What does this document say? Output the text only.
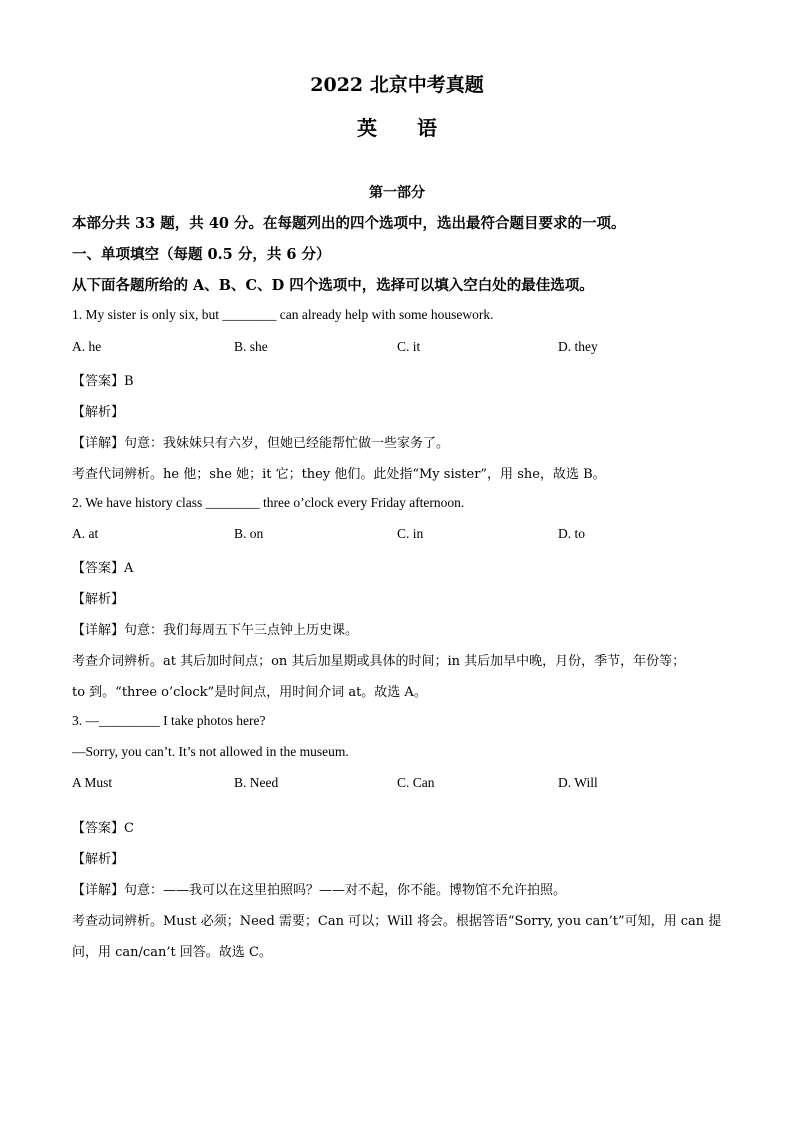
2022 北京中考真题
英　　语
第一部分
本部分共 33 题，共 40 分。在每题列出的四个选项中，选出最符合题目要求的一项。
一、单项填空（每题 0.5 分，共 6 分）
从下面各题所给的 A、B、C、D 四个选项中，选择可以填入空白处的最佳选项。
1. My sister is only six, but ________ can already help with some housework.
A. he	B. she	C. it	D. they
【答案】B
【解析】
【详解】句意：我妹妹只有六岁，但她已经能帮忙做一些家务了。
考查代词辨析。he 他；she 她；it 它；they 他们。此处指“My sister”，用 she，故选 B。
2. We have history class ________ three o’clock every Friday afternoon.
A. at	B. on	C. in	D. to
【答案】A
【解析】
【详解】句意：我们每周五下午三点钟上历史课。
考查介词辨析。at 其后加时间点；on 其后加星期或具体的时间；in 其后加早中晚，月份，季节，年份等；
to 到。“three o’clock”是时间点，用时间介词 at。故选 A。
3. —_________ I take photos here?
—Sorry, you can’t. It’s not allowed in the museum.
A Must	B. Need	C. Can	D. Will
【答案】C
【解析】
【详解】句意：——我可以在这里拍照吗？——对不起，你不能。博物馆不允许拍照。
考查动词辨析。Must 必须；Need 需要；Can 可以；Will 将会。根据答语“Sorry, you can’t”可知，用 can 提
问，用 can/can’t 回答。故选 C。
